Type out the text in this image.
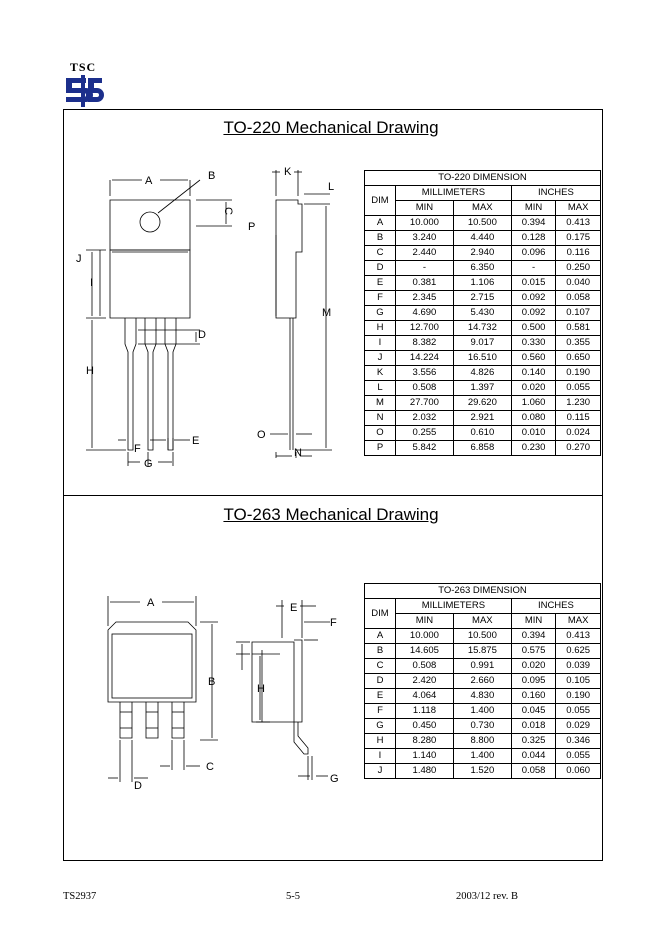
TSC
TO-220 Mechanical Drawing
TO-263 Mechanical Drawing
A	B
C
J
I
D
H
F
E
G
K
L
P
M
O
N
A
B
C
D
E
F
G
H
TO-220 DIMENSION				
DIM	MILLIMETERS		INCHES	
	MIN	MAX	MIN	MAX
A	10.000	10.500	0.394	0.413
B	3.240	4.440	0.128	0.175
C	2.440	2.940	0.096	0.116
D	-	6.350	-	0.250
E	0.381	1.106	0.015	0.040
F	2.345	2.715	0.092	0.058
G	4.690	5.430	0.092	0.107
H	12.700	14.732	0.500	0.581
I	8.382	9.017	0.330	0.355
J	14.224	16.510	0.560	0.650
K	3.556	4.826	0.140	0.190
L	0.508	1.397	0.020	0.055
M	27.700	29.620	1.060	1.230
N	2.032	2.921	0.080	0.115
O	0.255	0.610	0.010	0.024
P	5.842	6.858	0.230	0.270
TO-263 DIMENSION				
DIM	MILLIMETERS		INCHES	
	MIN	MAX	MIN	MAX
A	10.000	10.500	0.394	0.413
B	14.605	15.875	0.575	0.625
C	0.508	0.991	0.020	0.039
D	2.420	2.660	0.095	0.105
E	4.064	4.830	0.160	0.190
F	1.118	1.400	0.045	0.055
G	0.450	0.730	0.018	0.029
H	8.280	8.800	0.325	0.346
I	1.140	1.400	0.044	0.055
J	1.480	1.520	0.058	0.060
TS2937	5-5	2003/12 rev. B
